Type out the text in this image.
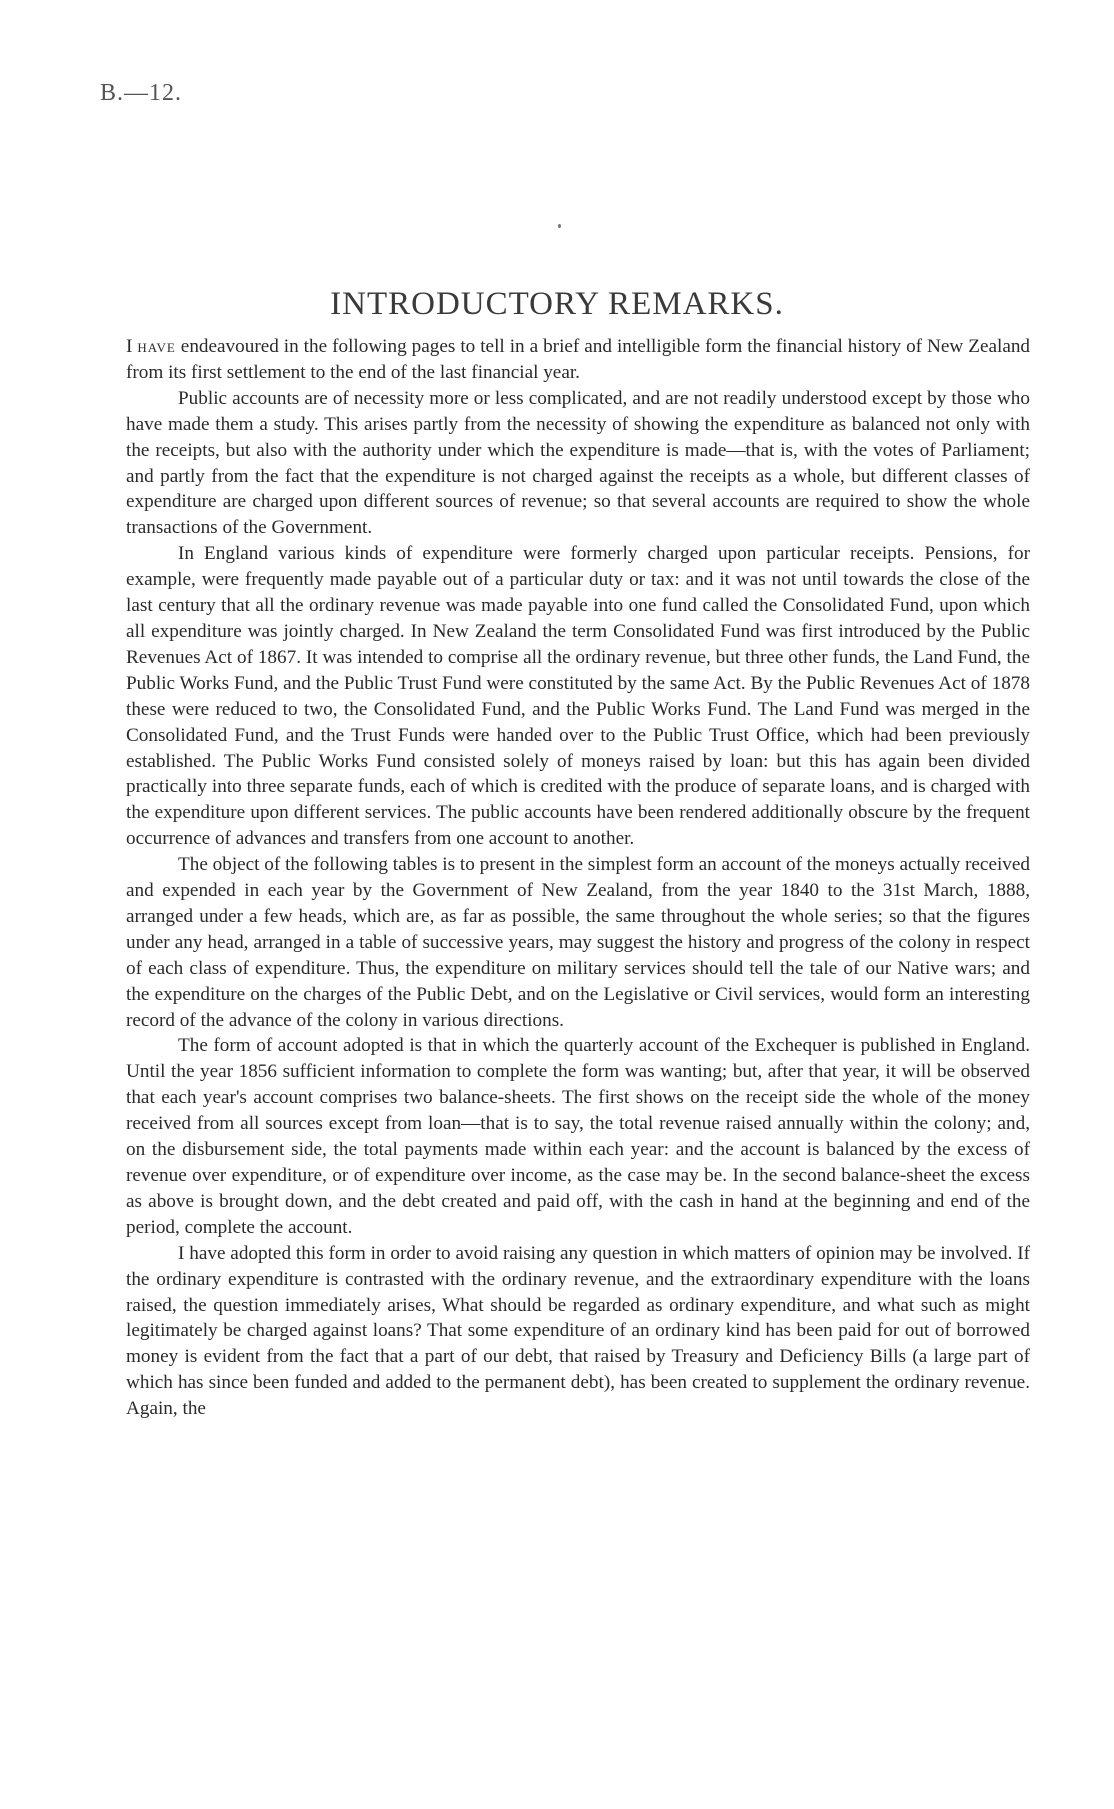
B.—12.
INTRODUCTORY REMARKS.

I have endeavoured in the following pages to tell in a brief and intelligible form the financial history of New Zealand from its first settlement to the end of the last financial year.

Public accounts are of necessity more or less complicated, and are not readily understood except by those who have made them a study. This arises partly from the necessity of showing the expenditure as balanced not only with the receipts, but also with the authority under which the expenditure is made—that is, with the votes of Parliament; and partly from the fact that the expenditure is not charged against the receipts as a whole, but different classes of expenditure are charged upon different sources of revenue; so that several accounts are required to show the whole transactions of the Government.

In England various kinds of expenditure were formerly charged upon particular receipts. Pensions, for example, were frequently made payable out of a particular duty or tax: and it was not until towards the close of the last century that all the ordinary revenue was made payable into one fund called the Consolidated Fund, upon which all expenditure was jointly charged. In New Zealand the term Consolidated Fund was first introduced by the Public Revenues Act of 1867. It was intended to comprise all the ordinary revenue, but three other funds, the Land Fund, the Public Works Fund, and the Public Trust Fund were constituted by the same Act. By the Public Revenues Act of 1878 these were reduced to two, the Consolidated Fund, and the Public Works Fund. The Land Fund was merged in the Consolidated Fund, and the Trust Funds were handed over to the Public Trust Office, which had been previously established. The Public Works Fund consisted solely of moneys raised by loan: but this has again been divided practically into three separate funds, each of which is credited with the produce of separate loans, and is charged with the expenditure upon different services. The public accounts have been rendered additionally obscure by the frequent occurrence of advances and transfers from one account to another.

The object of the following tables is to present in the simplest form an account of the moneys actually received and expended in each year by the Government of New Zealand, from the year 1840 to the 31st March, 1888, arranged under a few heads, which are, as far as possible, the same throughout the whole series; so that the figures under any head, arranged in a table of successive years, may suggest the history and progress of the colony in respect of each class of expenditure. Thus, the expenditure on military services should tell the tale of our Native wars; and the expenditure on the charges of the Public Debt, and on the Legislative or Civil services, would form an interesting record of the advance of the colony in various directions.

The form of account adopted is that in which the quarterly account of the Exchequer is published in England. Until the year 1856 sufficient information to complete the form was wanting; but, after that year, it will be observed that each year's account comprises two balance-sheets. The first shows on the receipt side the whole of the money received from all sources except from loan—that is to say, the total revenue raised annually within the colony; and, on the disbursement side, the total payments made within each year: and the account is balanced by the excess of revenue over expenditure, or of expenditure over income, as the case may be. In the second balance-sheet the excess as above is brought down, and the debt created and paid off, with the cash in hand at the beginning and end of the period, complete the account.

I have adopted this form in order to avoid raising any question in which matters of opinion may be involved. If the ordinary expenditure is contrasted with the ordinary revenue, and the extraordinary expenditure with the loans raised, the question immediately arises, What should be regarded as ordinary expenditure, and what such as might legitimately be charged against loans? That some expenditure of an ordinary kind has been paid for out of borrowed money is evident from the fact that a part of our debt, that raised by Treasury and Deficiency Bills (a large part of which has since been funded and added to the permanent debt), has been created to supplement the ordinary revenue. Again, the
